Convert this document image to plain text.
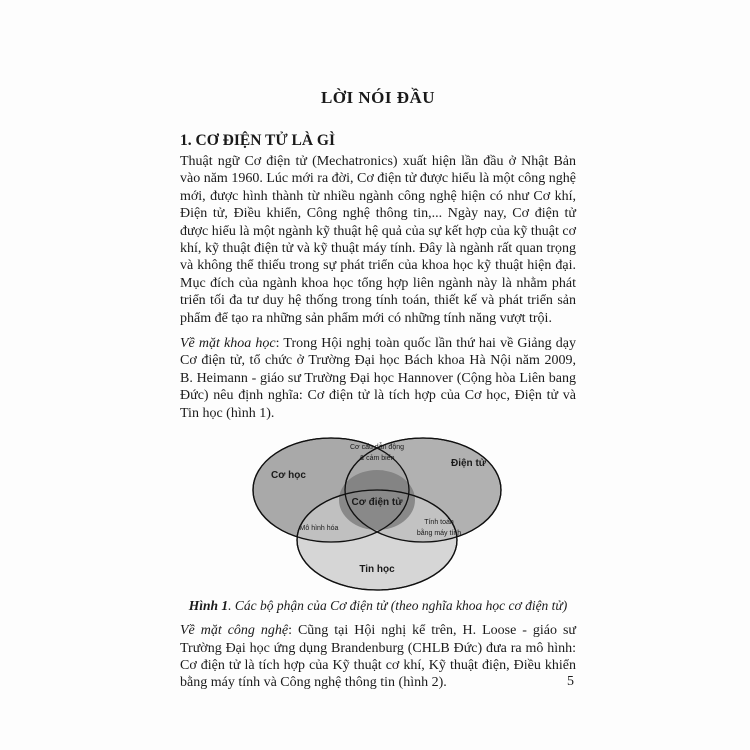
LỜI NÓI ĐẦU
1. CƠ ĐIỆN TỬ LÀ GÌ

Thuật ngữ Cơ điện tử (Mechatronics) xuất hiện lần đầu ở Nhật Bản vào năm 1960. Lúc mới ra đời, Cơ điện tử được hiểu là một công nghệ mới, được hình thành từ nhiều ngành công nghệ hiện có như Cơ khí, Điện tử, Điều khiển, Công nghệ thông tin,... Ngày nay, Cơ điện tử được hiểu là một ngành kỹ thuật hệ quả của sự kết hợp của kỹ thuật cơ khí, kỹ thuật điện tử và kỹ thuật máy tính. Đây là ngành rất quan trọng và không thể thiếu trong sự phát triển của khoa học kỹ thuật hiện đại. Mục đích của ngành khoa học tổng hợp liên ngành này là nhằm phát triển tối đa tư duy hệ thống trong tính toán, thiết kế và phát triển sản phẩm để tạo ra những sản phẩm mới có những tính năng vượt trội.

Về mặt khoa học: Trong Hội nghị toàn quốc lần thứ hai về Giảng dạy Cơ điện tử, tổ chức ở Trường Đại học Bách khoa Hà Nội năm 2009, B. Heimann - giáo sư Trường Đại học Hannover (Cộng hòa Liên bang Đức) nêu định nghĩa: Cơ điện tử là tích hợp của Cơ học, Điện tử và Tin học (hình 1).

Cơ học
Điện tử
Tin học
Cơ điện tử
Cơ cấu dẫn động
& cảm biến
Mô hình hóa
Tính toán
bằng máy tính
Hình 1. Các bộ phận của Cơ điện tử (theo nghĩa khoa học cơ điện tử)

Về mặt công nghệ: Cũng tại Hội nghị kể trên, H. Loose - giáo sư Trường Đại học ứng dụng Brandenburg (CHLB Đức) đưa ra mô hình: Cơ điện tử là tích hợp của Kỹ thuật cơ khí, Kỹ thuật điện, Điều khiển bằng máy tính và Công nghệ thông tin (hình 2).	5
